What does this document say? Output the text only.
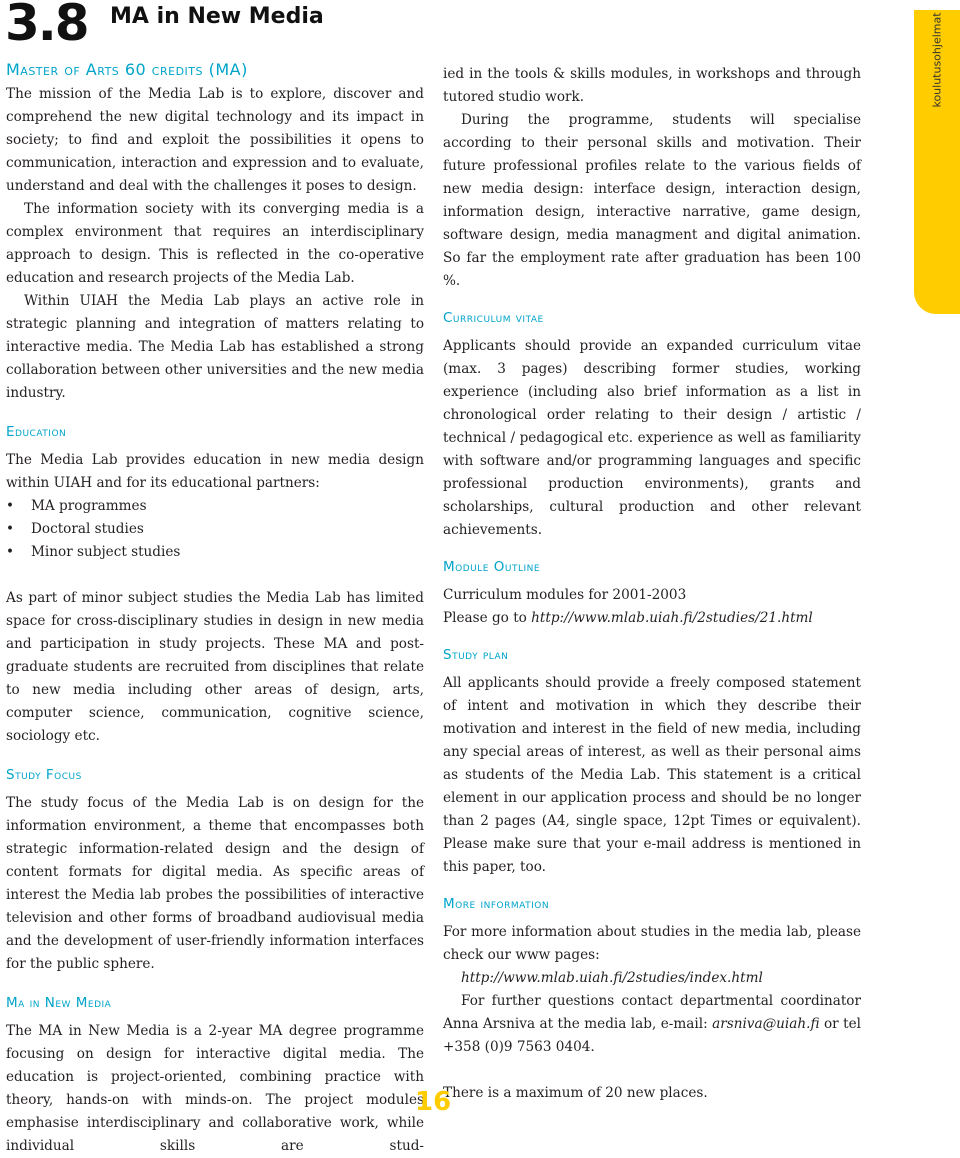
3.8 MA in New Media
Master of Arts 60 credits (MA)

The mission of the Media Lab is to explore, discover and comprehend the new digital technology and its impact in society; to find and exploit the possibilities it opens to communication, interaction and expression and to evaluate, understand and deal with the challenges it poses to design.

The information society with its converging media is a complex environment that requires an interdisciplinary approach to design. This is reflected in the co-operative education and research projects of the Media Lab.

Within UIAH the Media Lab plays an active role in strategic planning and integration of matters relating to interactive media. The Media Lab has established a strong collaboration between other universities and the new media industry.

Education

The Media Lab provides education in new media design within UIAH and for its educational partners:

• MA programmes
• Doctoral studies
• Minor subject studies

As part of minor subject studies the Media Lab has limited space for cross-disciplinary studies in design in new media and participation in study projects. These MA and post-graduate students are recruited from disciplines that relate to new media including other areas of design, arts, computer science, communication, cognitive science, sociology etc.

Study Focus

The study focus of the Media Lab is on design for the information environment, a theme that encompasses both strategic information-related design and the design of content formats for digital media. As specific areas of interest the Media lab probes the possibilities of interactive television and other forms of broadband audiovisual media and the development of user-friendly information interfaces for the public sphere.

Ma in New Media

The MA in New Media is a 2-year MA degree programme focusing on design for interactive digital media. The education is project-oriented, combining practice with theory, hands-on with minds-on. The project modules emphasise interdisciplinary and collaborative work, while individual skills are stud-

ied in the tools & skills modules, in workshops and through tutored studio work.

During the programme, students will specialise according to their personal skills and motivation. Their future professional profiles relate to the various fields of new media design: interface design, interaction design, information design, interactive narrative, game design, software design, media managment and digital animation. So far the employment rate after graduation has been 100 %.

Curriculum vitae

Applicants should provide an expanded curriculum vitae (max. 3 pages) describing former studies, working experience (including also brief information as a list in chronological order relating to their design / artistic / technical / pedagogical etc. experience as well as familiarity with software and/or programming languages and specific professional production environments), grants and scholarships, cultural production and other relevant achievements.

Module Outline

Curriculum modules for 2001-2003

Please go to http://www.mlab.uiah.fi/2studies/21.html

Study plan

All applicants should provide a freely composed statement of intent and motivation in which they describe their motivation and interest in the field of new media, including any special areas of interest, as well as their personal aims as students of the Media Lab. This statement is a critical element in our application process and should be no longer than 2 pages (A4, single space, 12pt Times or equivalent). Please make sure that your e-mail address is mentioned in this paper, too.

More information

For more information about studies in the media lab, please check our www pages:

http://www.mlab.uiah.fi/2studies/index.html

For further questions contact departmental coordinator Anna Arsniva at the media lab, e-mail: arsniva@uiah.fi or tel +358 (0)9 7563 0404.

There is a maximum of 20 new places.

16
koulutusohjelmat
